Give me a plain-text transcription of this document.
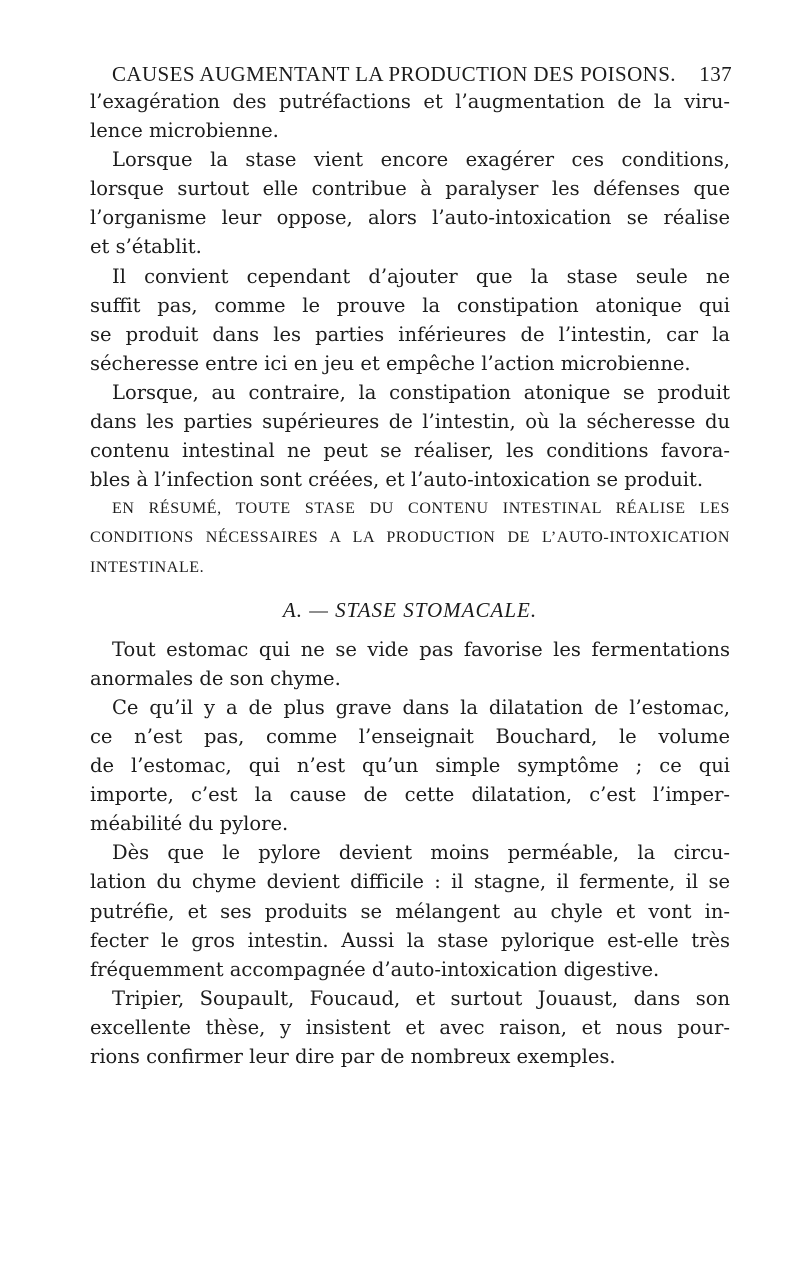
CAUSES AUGMENTANT LA PRODUCTION DES POISONS. 137
l’exagération des putréfactions et l’augmentation de la viru-
lence microbienne.
Lorsque la stase vient encore exagérer ces conditions,
lorsque surtout elle contribue à paralyser les défenses que
l’organisme leur oppose, alors l’auto-intoxication se réalise
et s’établit.
Il convient cependant d’ajouter que la stase seule ne
suffit pas, comme le prouve la constipation atonique qui
se produit dans les parties inférieures de l’intestin, car la
sécheresse entre ici en jeu et empêche l’action microbienne.
Lorsque, au contraire, la constipation atonique se produit
dans les parties supérieures de l’intestin, où la sécheresse du
contenu intestinal ne peut se réaliser, les conditions favora-
bles à l’infection sont créées, et l’auto-intoxication se produit.
EN RÉSUMÉ, TOUTE STASE DU CONTENU INTESTINAL RÉALISE LES
CONDITIONS NÉCESSAIRES A LA PRODUCTION DE L’AUTO-INTOXICATION
INTESTINALE.
A. — STASE STOMACALE.
Tout estomac qui ne se vide pas favorise les fermentations
anormales de son chyme.
Ce qu’il y a de plus grave dans la dilatation de l’estomac,
ce n’est pas, comme l’enseignait Bouchard, le volume
de l’estomac, qui n’est qu’un simple symptôme ; ce qui
importe, c’est la cause de cette dilatation, c’est l’imper-
méabilité du pylore.
Dès que le pylore devient moins perméable, la circu-
lation du chyme devient difficile : il stagne, il fermente, il se
putréfie, et ses produits se mélangent au chyle et vont in-
fecter le gros intestin. Aussi la stase pylorique est-elle très
fréquemment accompagnée d’auto-intoxication digestive.
Tripier, Soupault, Foucaud, et surtout Jouaust, dans son
excellente thèse, y insistent et avec raison, et nous pour-
rions confirmer leur dire par de nombreux exemples.
